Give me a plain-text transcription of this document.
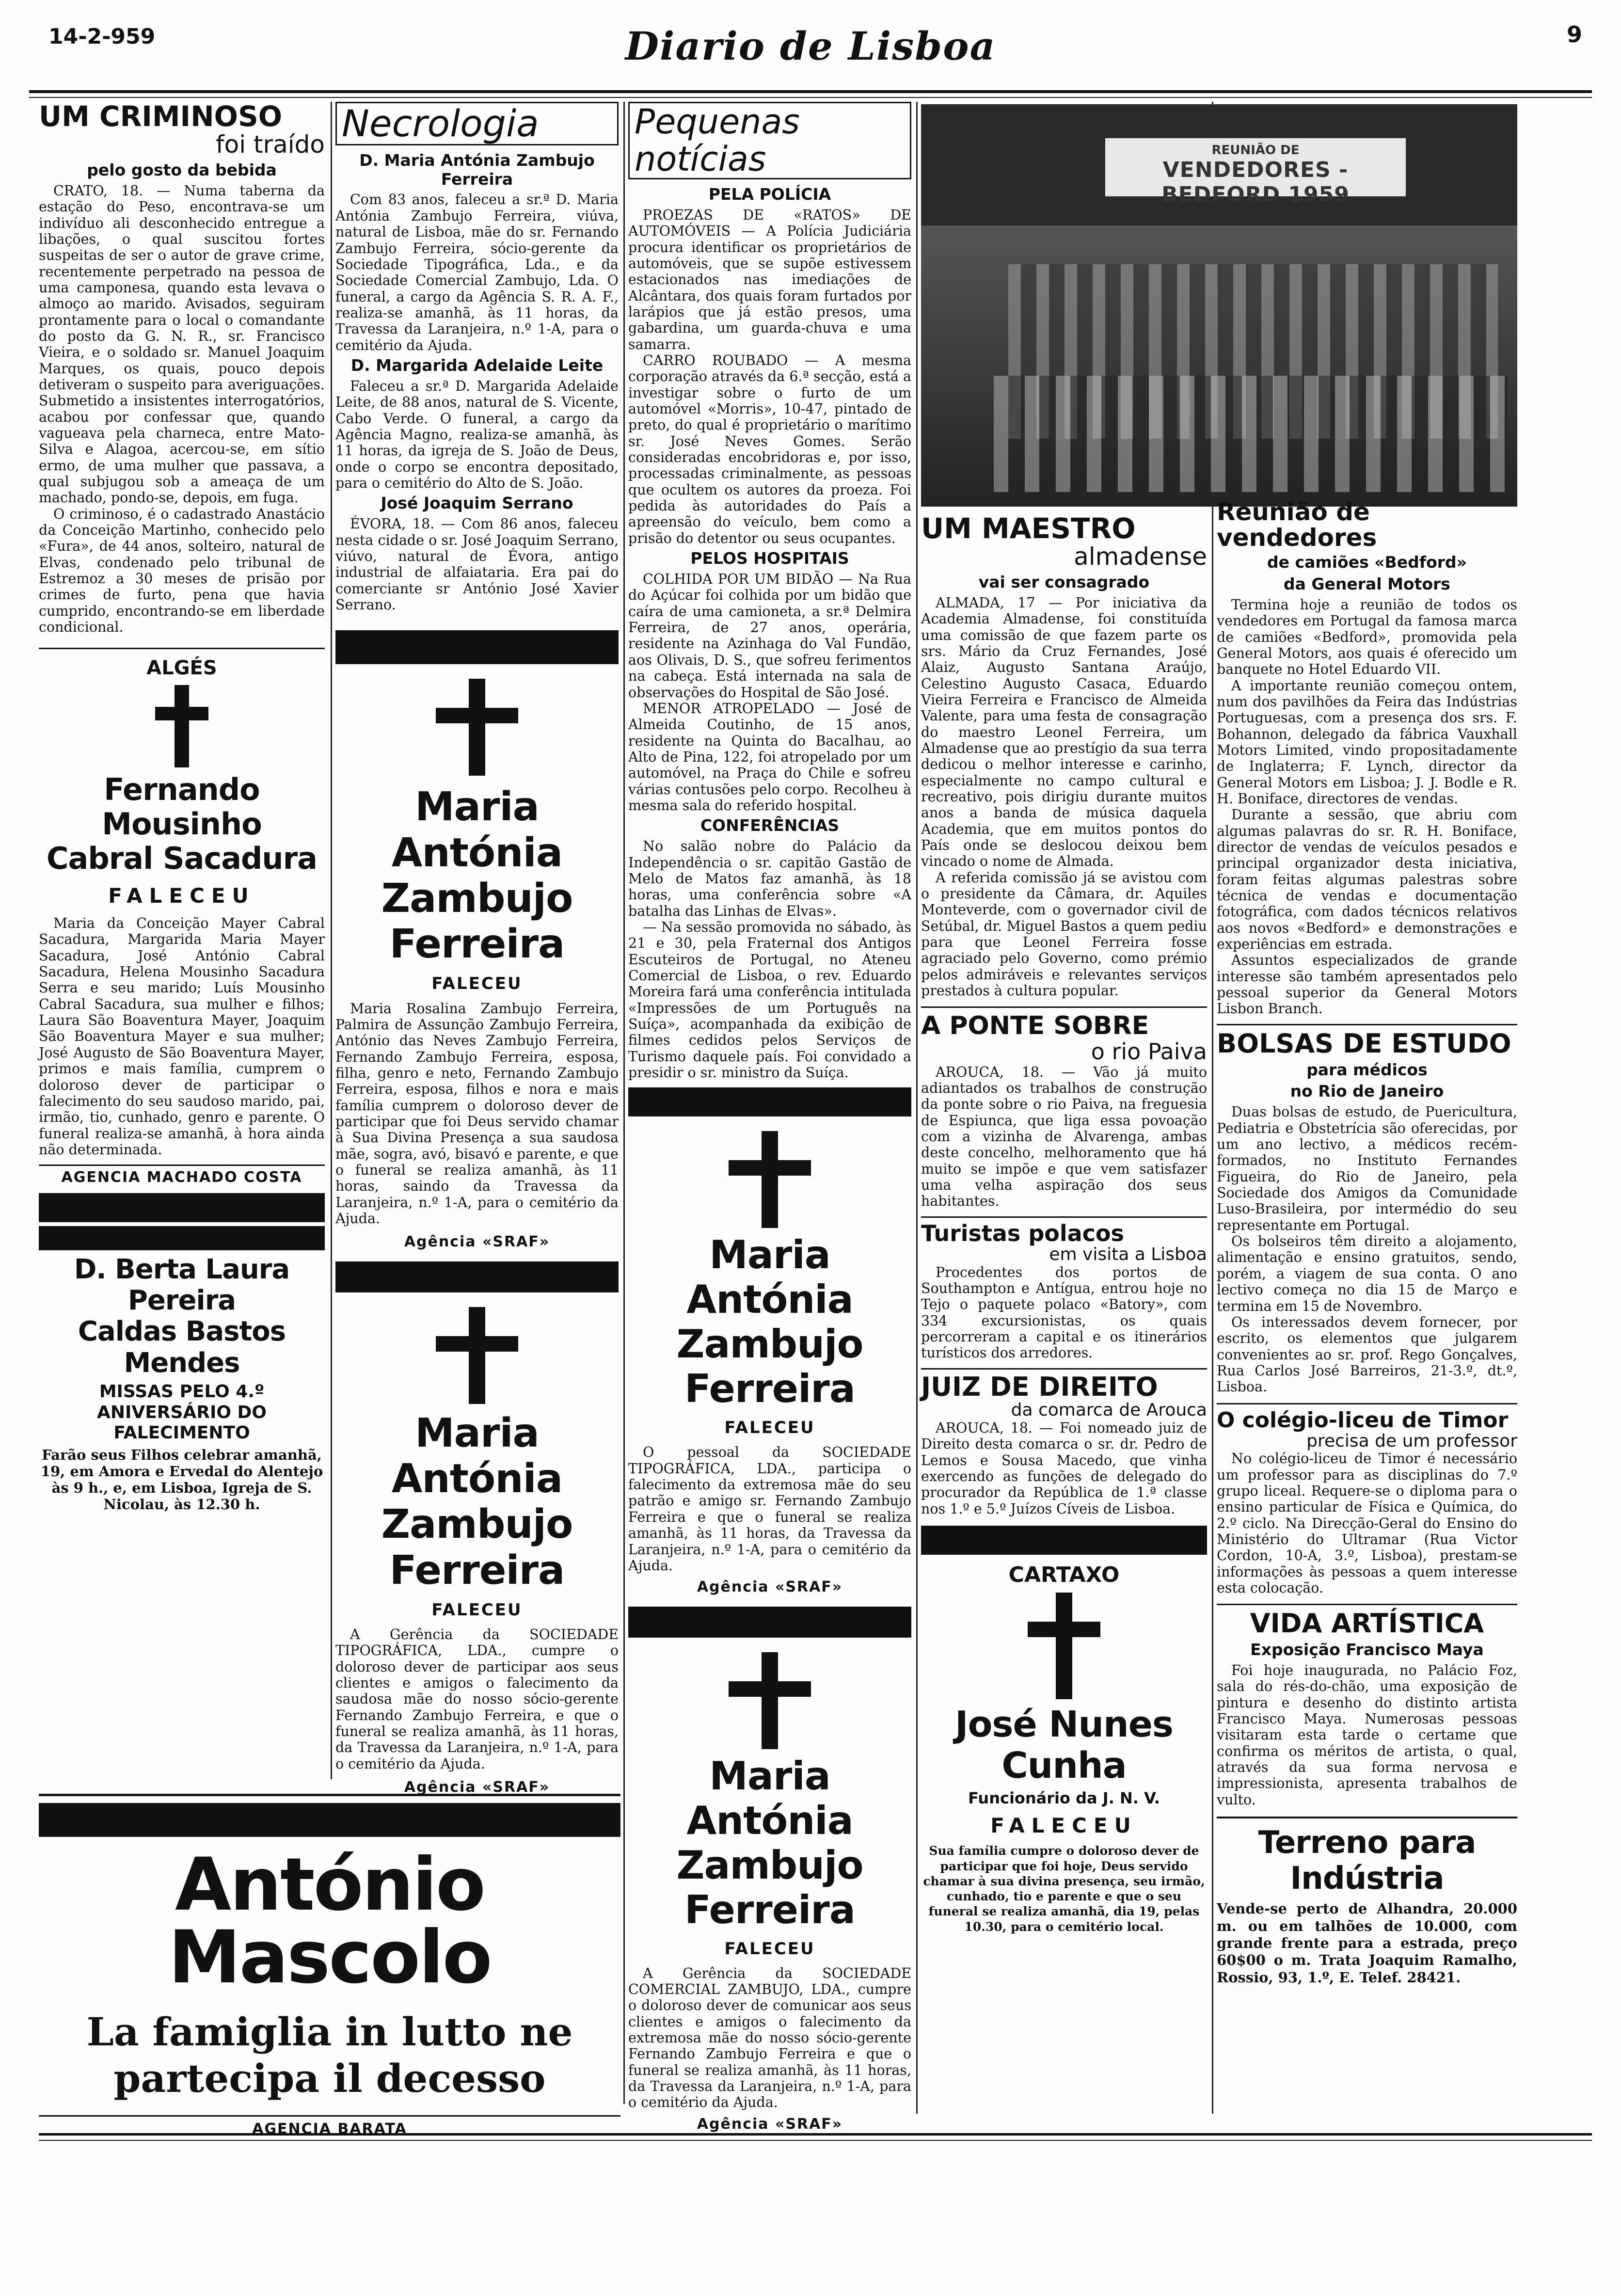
14-2-959	Diario de Lisboa	9
UM CRIMINOSO
foi traído
pelo gosto da bebida

CRATO, 18. — Numa taberna da estação do Peso, encontrava-se um indivíduo ali desconhecido entregue a libações, o qual suscitou fortes suspeitas de ser o autor de grave crime, recentemente perpetrado na pessoa de uma camponesa, quando esta levava o almoço ao marido. Avisados, seguiram prontamente para o local o comandante do posto da G. N. R., sr. Francisco Vieira, e o soldado sr. Manuel Joaquim Marques, os quais, pouco depois detiveram o suspeito para averiguações. Submetido a insistentes interrogatórios, acabou por confessar que, quando vagueava pela charneca, entre Mato-Silva e Alagoa, acercou-se, em sítio ermo, de uma mulher que passava, a qual subjugou sob a ameaça de um machado, pondo-se, depois, em fuga.

O criminoso, é o cadastrado Anastácio da Conceição Martinho, conhecido pelo «Fura», de 44 anos, solteiro, natural de Elvas, condenado pelo tribunal de Estremoz a 30 meses de prisão por crimes de furto, pena que havia cumprido, encontrando-se em liberdade condicional.

ALGÉS
Fernando Mousinho
Cabral Sacadura
FALECEU

Maria da Conceição Mayer Cabral Sacadura, Margarida Maria Mayer Sacadura, José António Cabral Sacadura, Helena Mousinho Sacadura Serra e seu marido; Luís Mousinho Cabral Sacadura, sua mulher e filhos; Laura São Boaventura Mayer, Joaquim São Boaventura Mayer e sua mulher; José Augusto de São Boaventura Mayer, primos e mais família, cumprem o doloroso dever de participar o falecimento do seu saudoso marido, pai, irmão, tio, cunhado, genro e parente. O funeral realiza-se amanhã, à hora ainda não determinada.

AGENCIA MACHADO COSTA
D. Berta Laura Pereira
Caldas Bastos Mendes
MISSAS PELO 4.º ANIVERSÁRIO DO FALECIMENTO
Farão seus Filhos celebrar amanhã, 19, em Amora e Ervedal do Alentejo às 9 h., e, em Lisboa, Igreja de S. Nicolau, às 12.30 h.
António Mascolo
La famiglia in lutto ne
partecipa il decesso
AGENCIA BARATA
Necrologia
D. Maria Antónia Zambujo Ferreira

Com 83 anos, faleceu a sr.ª D. Maria Antónia Zambujo Ferreira, viúva, natural de Lisboa, mãe do sr. Fernando Zambujo Ferreira, sócio-gerente da Sociedade Tipográfica, Lda., e da Sociedade Comercial Zambujo, Lda. O funeral, a cargo da Agência S. R. A. F., realiza-se amanhã, às 11 horas, da Travessa da Laranjeira, n.º 1-A, para o cemitério da Ajuda.

D. Margarida Adelaide Leite

Faleceu a sr.ª D. Margarida Adelaide Leite, de 88 anos, natural de S. Vicente, Cabo Verde. O funeral, a cargo da Agência Magno, realiza-se amanhã, às 11 horas, da igreja de S. João de Deus, onde o corpo se encontra depositado, para o cemitério do Alto de S. João.

José Joaquim Serrano

ÉVORA, 18. — Com 86 anos, faleceu nesta cidade o sr. José Joaquim Serrano, viúvo, natural de Évora, antigo industrial de alfaiataria. Era pai do comerciante sr António José Xavier Serrano.

Maria Antónia
Zambujo Ferreira
FALECEU

Maria Rosalina Zambujo Ferreira, Palmira de Assunção Zambujo Ferreira, António das Neves Zambujo Ferreira, Fernando Zambujo Ferreira, esposa, filha, genro e neto, Fernando Zambujo Ferreira, esposa, filhos e nora e mais família cumprem o doloroso dever de participar que foi Deus servido chamar à Sua Divina Presença a sua saudosa mãe, sogra, avó, bisavó e parente, e que o funeral se realiza amanhã, às 11 horas, saindo da Travessa da Laranjeira, n.º 1-A, para o cemitério da Ajuda.

Agência «SRAF»
Maria Antónia
Zambujo Ferreira
FALECEU

A Gerência da SOCIEDADE TIPOGRÁFICA, LDA., cumpre o doloroso dever de participar aos seus clientes e amigos o falecimento da saudosa mãe do nosso sócio-gerente Fernando Zambujo Ferreira, e que o funeral se realiza amanhã, às 11 horas, da Travessa da Laranjeira, n.º 1-A, para o cemitério da Ajuda.

Agência «SRAF»
Pequenas notícias
PELA POLÍCIA

PROEZAS DE «RATOS» DE AUTOMÓVEIS — A Polícia Judiciária procura identificar os proprietários de automóveis, que se supõe estivessem estacionados nas imediações de Alcântara, dos quais foram furtados por larápios que já estão presos, uma gabardina, um guarda-chuva e uma samarra.

CARRO ROUBADO — A mesma corporação através da 6.ª secção, está a investigar sobre o furto de um automóvel «Morris», 10-47, pintado de preto, do qual é proprietário o marítimo sr. José Neves Gomes. Serão consideradas encobridoras e, por isso, processadas criminalmente, as pessoas que ocultem os autores da proeza. Foi pedida às autoridades do País a apreensão do veículo, bem como a prisão do detentor ou seus ocupantes.

PELOS HOSPITAIS

COLHIDA POR UM BIDÃO — Na Rua do Açúcar foi colhida por um bidão que caíra de uma camioneta, a sr.ª Delmira Ferreira, de 27 anos, operária, residente na Azinhaga do Val Fundão, aos Olivais, D. S., que sofreu ferimentos na cabeça. Está internada na sala de observações do Hospital de São José.

MENOR ATROPELADO — José de Almeida Coutinho, de 15 anos, residente na Quinta do Bacalhau, ao Alto de Pina, 122, foi atropelado por um automóvel, na Praça do Chile e sofreu várias contusões pelo corpo. Recolheu à mesma sala do referido hospital.

CONFERÊNCIAS

No salão nobre do Palácio da Independência o sr. capitão Gastão de Melo de Matos faz amanhã, às 18 horas, uma conferência sobre «A batalha das Linhas de Elvas».

— Na sessão promovida no sábado, às 21 e 30, pela Fraternal dos Antigos Escuteiros de Portugal, no Ateneu Comercial de Lisboa, o rev. Eduardo Moreira fará uma conferência intitulada «Impressões de um Português na Suíça», acompanhada da exibição de filmes cedidos pelos Serviços de Turismo daquele país. Foi convidado a presidir o sr. ministro da Suíça.

Maria Antónia
Zambujo Ferreira
FALECEU

O pessoal da SOCIEDADE TIPOGRÁFICA, LDA., participa o falecimento da extremosa mãe do seu patrão e amigo sr. Fernando Zambujo Ferreira e que o funeral se realiza amanhã, às 11 horas, da Travessa da Laranjeira, n.º 1-A, para o cemitério da Ajuda.

Agência «SRAF»
Maria Antónia
Zambujo Ferreira
FALECEU

A Gerência da SOCIEDADE COMERCIAL ZAMBUJO, LDA., cumpre o doloroso dever de comunicar aos seus clientes e amigos o falecimento da extremosa mãe do nosso sócio-gerente Fernando Zambujo Ferreira e que o funeral se realiza amanhã, às 11 horas, da Travessa da Laranjeira, n.º 1-A, para o cemitério da Ajuda.

Agência «SRAF»
REUNIÃO DE
VENDEDORES - BEDFORD 1959
UM MAESTRO
almadense
vai ser consagrado

ALMADA, 17 — Por iniciativa da Academia Almadense, foi constituída uma comissão de que fazem parte os srs. Mário da Cruz Fernandes, José Alaiz, Augusto Santana Araújo, Celestino Augusto Casaca, Eduardo Vieira Ferreira e Francisco de Almeida Valente, para uma festa de consagração do maestro Leonel Ferreira, um Almadense que ao prestígio da sua terra dedicou o melhor interesse e carinho, especialmente no campo cultural e recreativo, pois dirigiu durante muitos anos a banda de música daquela Academia, que em muitos pontos do País onde se deslocou deixou bem vincado o nome de Almada.

A referida comissão já se avistou com o presidente da Câmara, dr. Aquiles Monteverde, com o governador civil de Setúbal, dr. Miguel Bastos a quem pediu para que Leonel Ferreira fosse agraciado pelo Governo, como prémio pelos admiráveis e relevantes serviços prestados à cultura popular.

A PONTE SOBRE
o rio Paiva

AROUCA, 18. — Vão já muito adiantados os trabalhos de construção da ponte sobre o rio Paiva, na freguesia de Espiunca, que liga essa povoação com a vizinha de Alvarenga, ambas deste concelho, melhoramento que há muito se impõe e que vem satisfazer uma velha aspiração dos seus habitantes.

Turistas polacos
em visita a Lisboa

Procedentes dos portos de Southampton e Antígua, entrou hoje no Tejo o paquete polaco «Batory», com 334 excursionistas, os quais percorreram a capital e os itinerários turísticos dos arredores.

JUIZ DE DIREITO
da comarca de Arouca

AROUCA, 18. — Foi nomeado juiz de Direito desta comarca o sr. dr. Pedro de Lemos e Sousa Macedo, que vinha exercendo as funções de delegado do procurador da República de 1.ª classe nos 1.º e 5.º Juízos Cíveis de Lisboa.

CARTAXO
José Nunes Cunha
Funcionário da J. N. V.
FALECEU
Sua família cumpre o doloroso dever de participar que foi hoje, Deus servido chamar à sua divina presença, seu irmão, cunhado, tio e parente e que o seu funeral se realiza amanhã, dia 19, pelas 10.30, para o cemitério local.
Reunião de vendedores
de camiões «Bedford»
da General Motors

Termina hoje a reunião de todos os vendedores em Portugal da famosa marca de camiões «Bedford», promovida pela General Motors, aos quais é oferecido um banquete no Hotel Eduardo VII.

A importante reunião começou ontem, num dos pavilhões da Feira das Indústrias Portuguesas, com a presença dos srs. F. Bohannon, delegado da fábrica Vauxhall Motors Limited, vindo propositadamente de Inglaterra; F. Lynch, director da General Motors em Lisboa; J. J. Bodle e R. H. Boniface, directores de vendas.

Durante a sessão, que abriu com algumas palavras do sr. R. H. Boniface, director de vendas de veículos pesados e principal organizador desta iniciativa, foram feitas algumas palestras sobre técnica de vendas e documentação fotográfica, com dados técnicos relativos aos novos «Bedford» e demonstrações e experiências em estrada.

Assuntos especializados de grande interesse são também apresentados pelo pessoal superior da General Motors Lisbon Branch.

BOLSAS DE ESTUDO
para médicos
no Rio de Janeiro

Duas bolsas de estudo, de Puericultura, Pediatria e Obstetrícia são oferecidas, por um ano lectivo, a médicos recém-formados, no Instituto Fernandes Figueira, do Rio de Janeiro, pela Sociedade dos Amigos da Comunidade Luso-Brasileira, por intermédio do seu representante em Portugal.

Os bolseiros têm direito a alojamento, alimentação e ensino gratuitos, sendo, porém, a viagem de sua conta. O ano lectivo começa no dia 15 de Março e termina em 15 de Novembro.

Os interessados devem fornecer, por escrito, os elementos que julgarem convenientes ao sr. prof. Rego Gonçalves, Rua Carlos José Barreiros, 21-3.º, dt.º, Lisboa.

O colégio-liceu de Timor
precisa de um professor

No colégio-liceu de Timor é necessário um professor para as disciplinas do 7.º grupo liceal. Requere-se o diploma para o ensino particular de Física e Química, do 2.º ciclo. Na Direcção-Geral do Ensino do Ministério do Ultramar (Rua Victor Cordon, 10-A, 3.º, Lisboa), prestam-se informações às pessoas a quem interesse esta colocação.

VIDA ARTÍSTICA
Exposição Francisco Maya

Foi hoje inaugurada, no Palácio Foz, sala do rés-do-chão, uma exposição de pintura e desenho do distinto artista Francisco Maya. Numerosas pessoas visitaram esta tarde o certame que confirma os méritos de artista, o qual, através da sua forma nervosa e impressionista, apresenta trabalhos de vulto.

Terreno para Indústria
Vende-se perto de Alhandra, 20.000 m. ou em talhões de 10.000, com grande frente para a estrada, preço 60$00 o m. Trata Joaquim Ramalho, Rossio, 93, 1.º, E. Telef. 28421.
